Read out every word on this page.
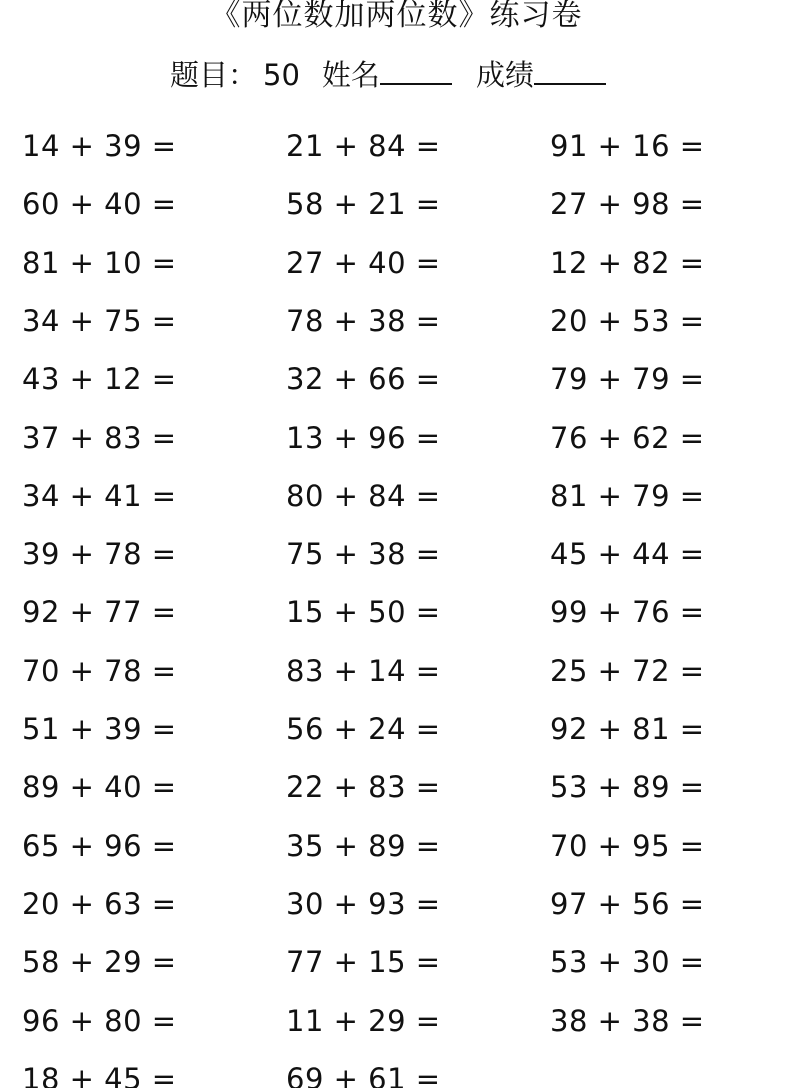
《两位数加两位数》练习卷
题目： 50 姓名	成绩
14 + 39 =	21 + 84 =	91 + 16 =
60 + 40 =	58 + 21 =	27 + 98 =
81 + 10 =	27 + 40 =	12 + 82 =
34 + 75 =	78 + 38 =	20 + 53 =
43 + 12 =	32 + 66 =	79 + 79 =
37 + 83 =	13 + 96 =	76 + 62 =
34 + 41 =	80 + 84 =	81 + 79 =
39 + 78 =	75 + 38 =	45 + 44 =
92 + 77 =	15 + 50 =	99 + 76 =
70 + 78 =	83 + 14 =	25 + 72 =
51 + 39 =	56 + 24 =	92 + 81 =
89 + 40 =	22 + 83 =	53 + 89 =
65 + 96 =	35 + 89 =	70 + 95 =
20 + 63 =	30 + 93 =	97 + 56 =
58 + 29 =	77 + 15 =	53 + 30 =
96 + 80 =	11 + 29 =	38 + 38 =
18 + 45 =	69 + 61 =
